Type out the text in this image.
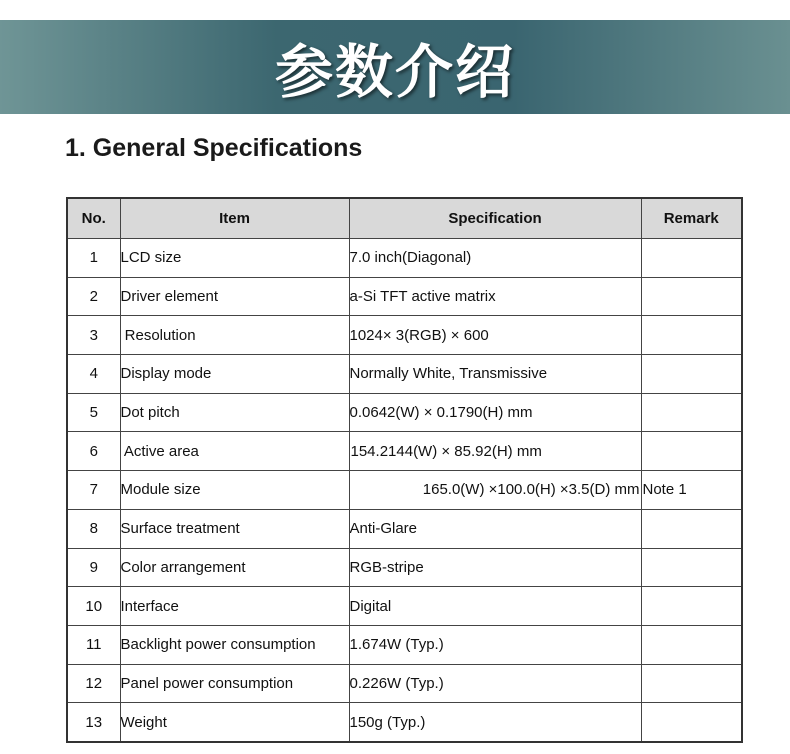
参数介绍
1. General Specifications
No.	Item	Specification	Remark
1	LCD size	7.0 inch(Diagonal)	
2	Driver element	a-Si TFT active matrix	
3	Resolution	1024× 3(RGB) × 600	
4	Display mode	Normally White, Transmissive	
5	Dot pitch	0.0642(W) × 0.1790(H) mm	
6	Active area	154.2144(W) × 85.92(H) mm	
7	Module size	165.0(W) ×100.0(H) ×3.5(D) mm	Note 1
8	Surface treatment	Anti-Glare	
9	Color arrangement	RGB-stripe	
10	Interface	Digital	
11	Backlight power consumption	1.674W (Typ.)	
12	Panel power consumption	0.226W (Typ.)	
13	Weight	150g (Typ.)	
